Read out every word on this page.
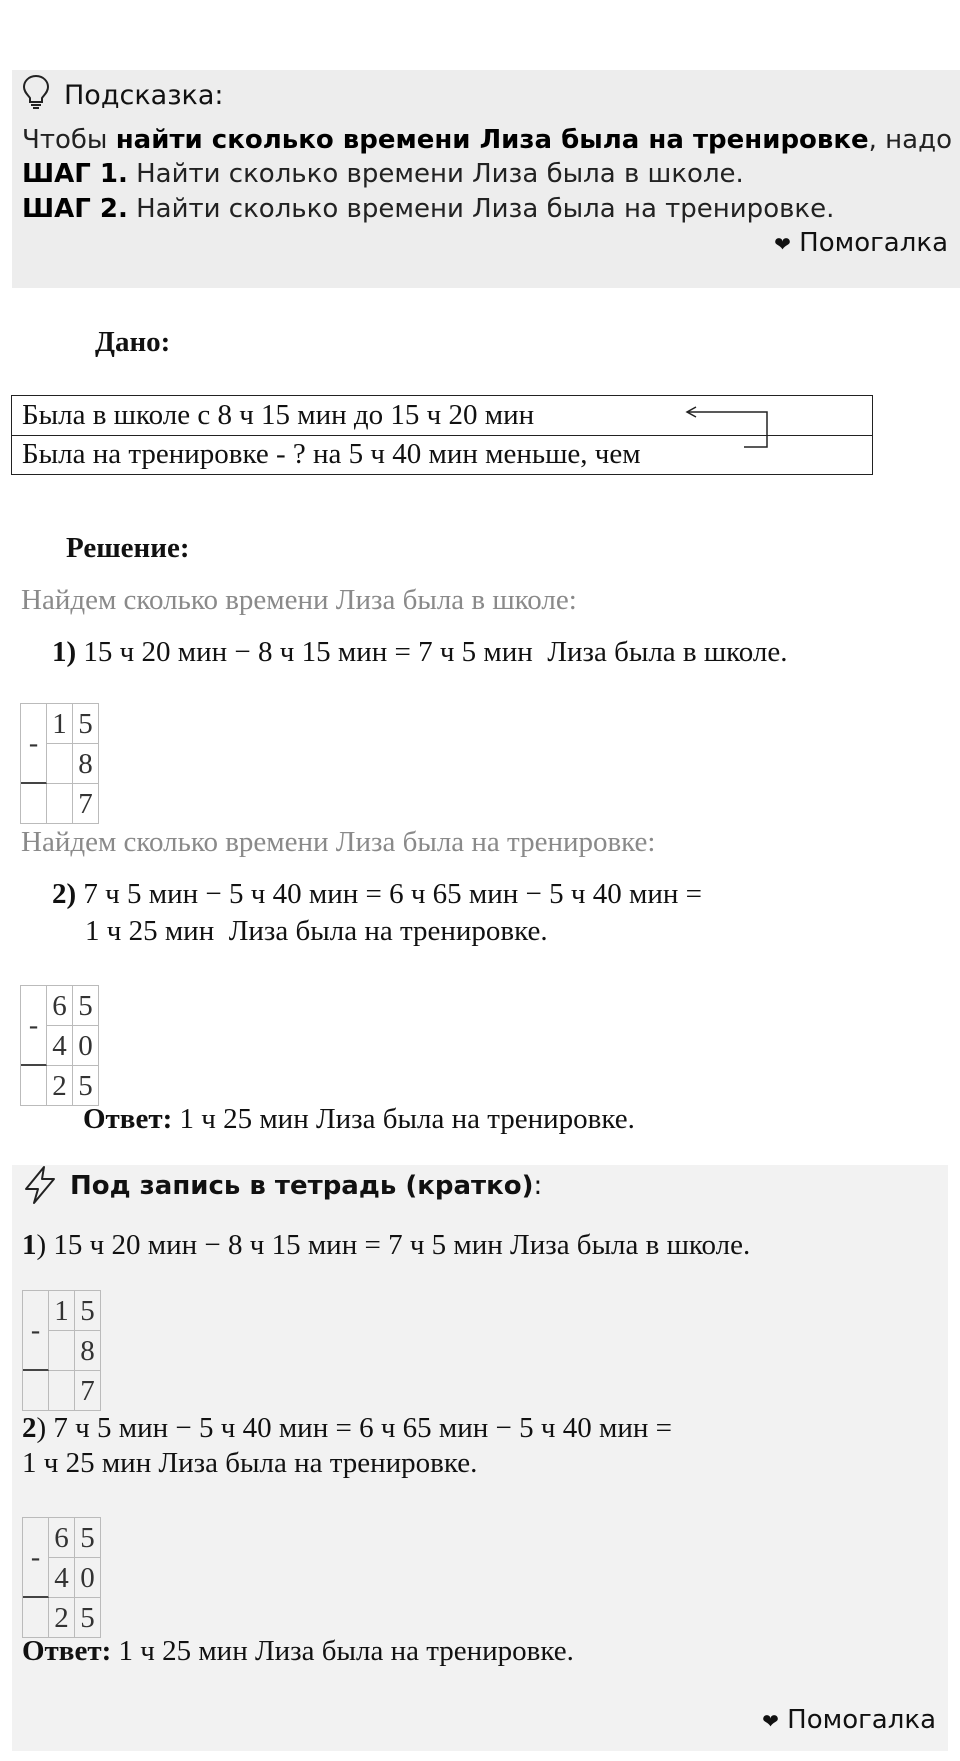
Подсказка:
Чтобы найти сколько времени Лиза была на тренировке, надо
ШАГ 1. Найти сколько времени Лиза была в школе.
ШАГ 2. Найти сколько времени Лиза была на тренировке.
❤ Помогалка
Дано:
Была в школе с 8 ч 15 мин до 15 ч 20 мин
Была на тренировке - ? на 5 ч 40 мин меньше, чем
Решение:
Найдем сколько времени Лиза была в школе:
1) 15 ч 20 мин − 8 ч 15 мин = 7 ч 5 мин Лиза была в школе.
-
1 5
8
7
Найдем сколько времени Лиза была на тренировке:
2) 7 ч 5 мин − 5 ч 40 мин = 6 ч 65 мин − 5 ч 40 мин =
1 ч 25 мин Лиза была на тренировке.
-
6 5
4 0
2 5
Ответ: 1 ч 25 мин Лиза была на тренировке.
Под запись в тетрадь (кратко):
1) 15 ч 20 мин − 8 ч 15 мин = 7 ч 5 мин Лиза была в школе.
-
1 5
8
7
2) 7 ч 5 мин − 5 ч 40 мин = 6 ч 65 мин − 5 ч 40 мин =
1 ч 25 мин Лиза была на тренировке.
-
6 5
4 0
2 5
Ответ: 1 ч 25 мин Лиза была на тренировке.
❤ Помогалка
